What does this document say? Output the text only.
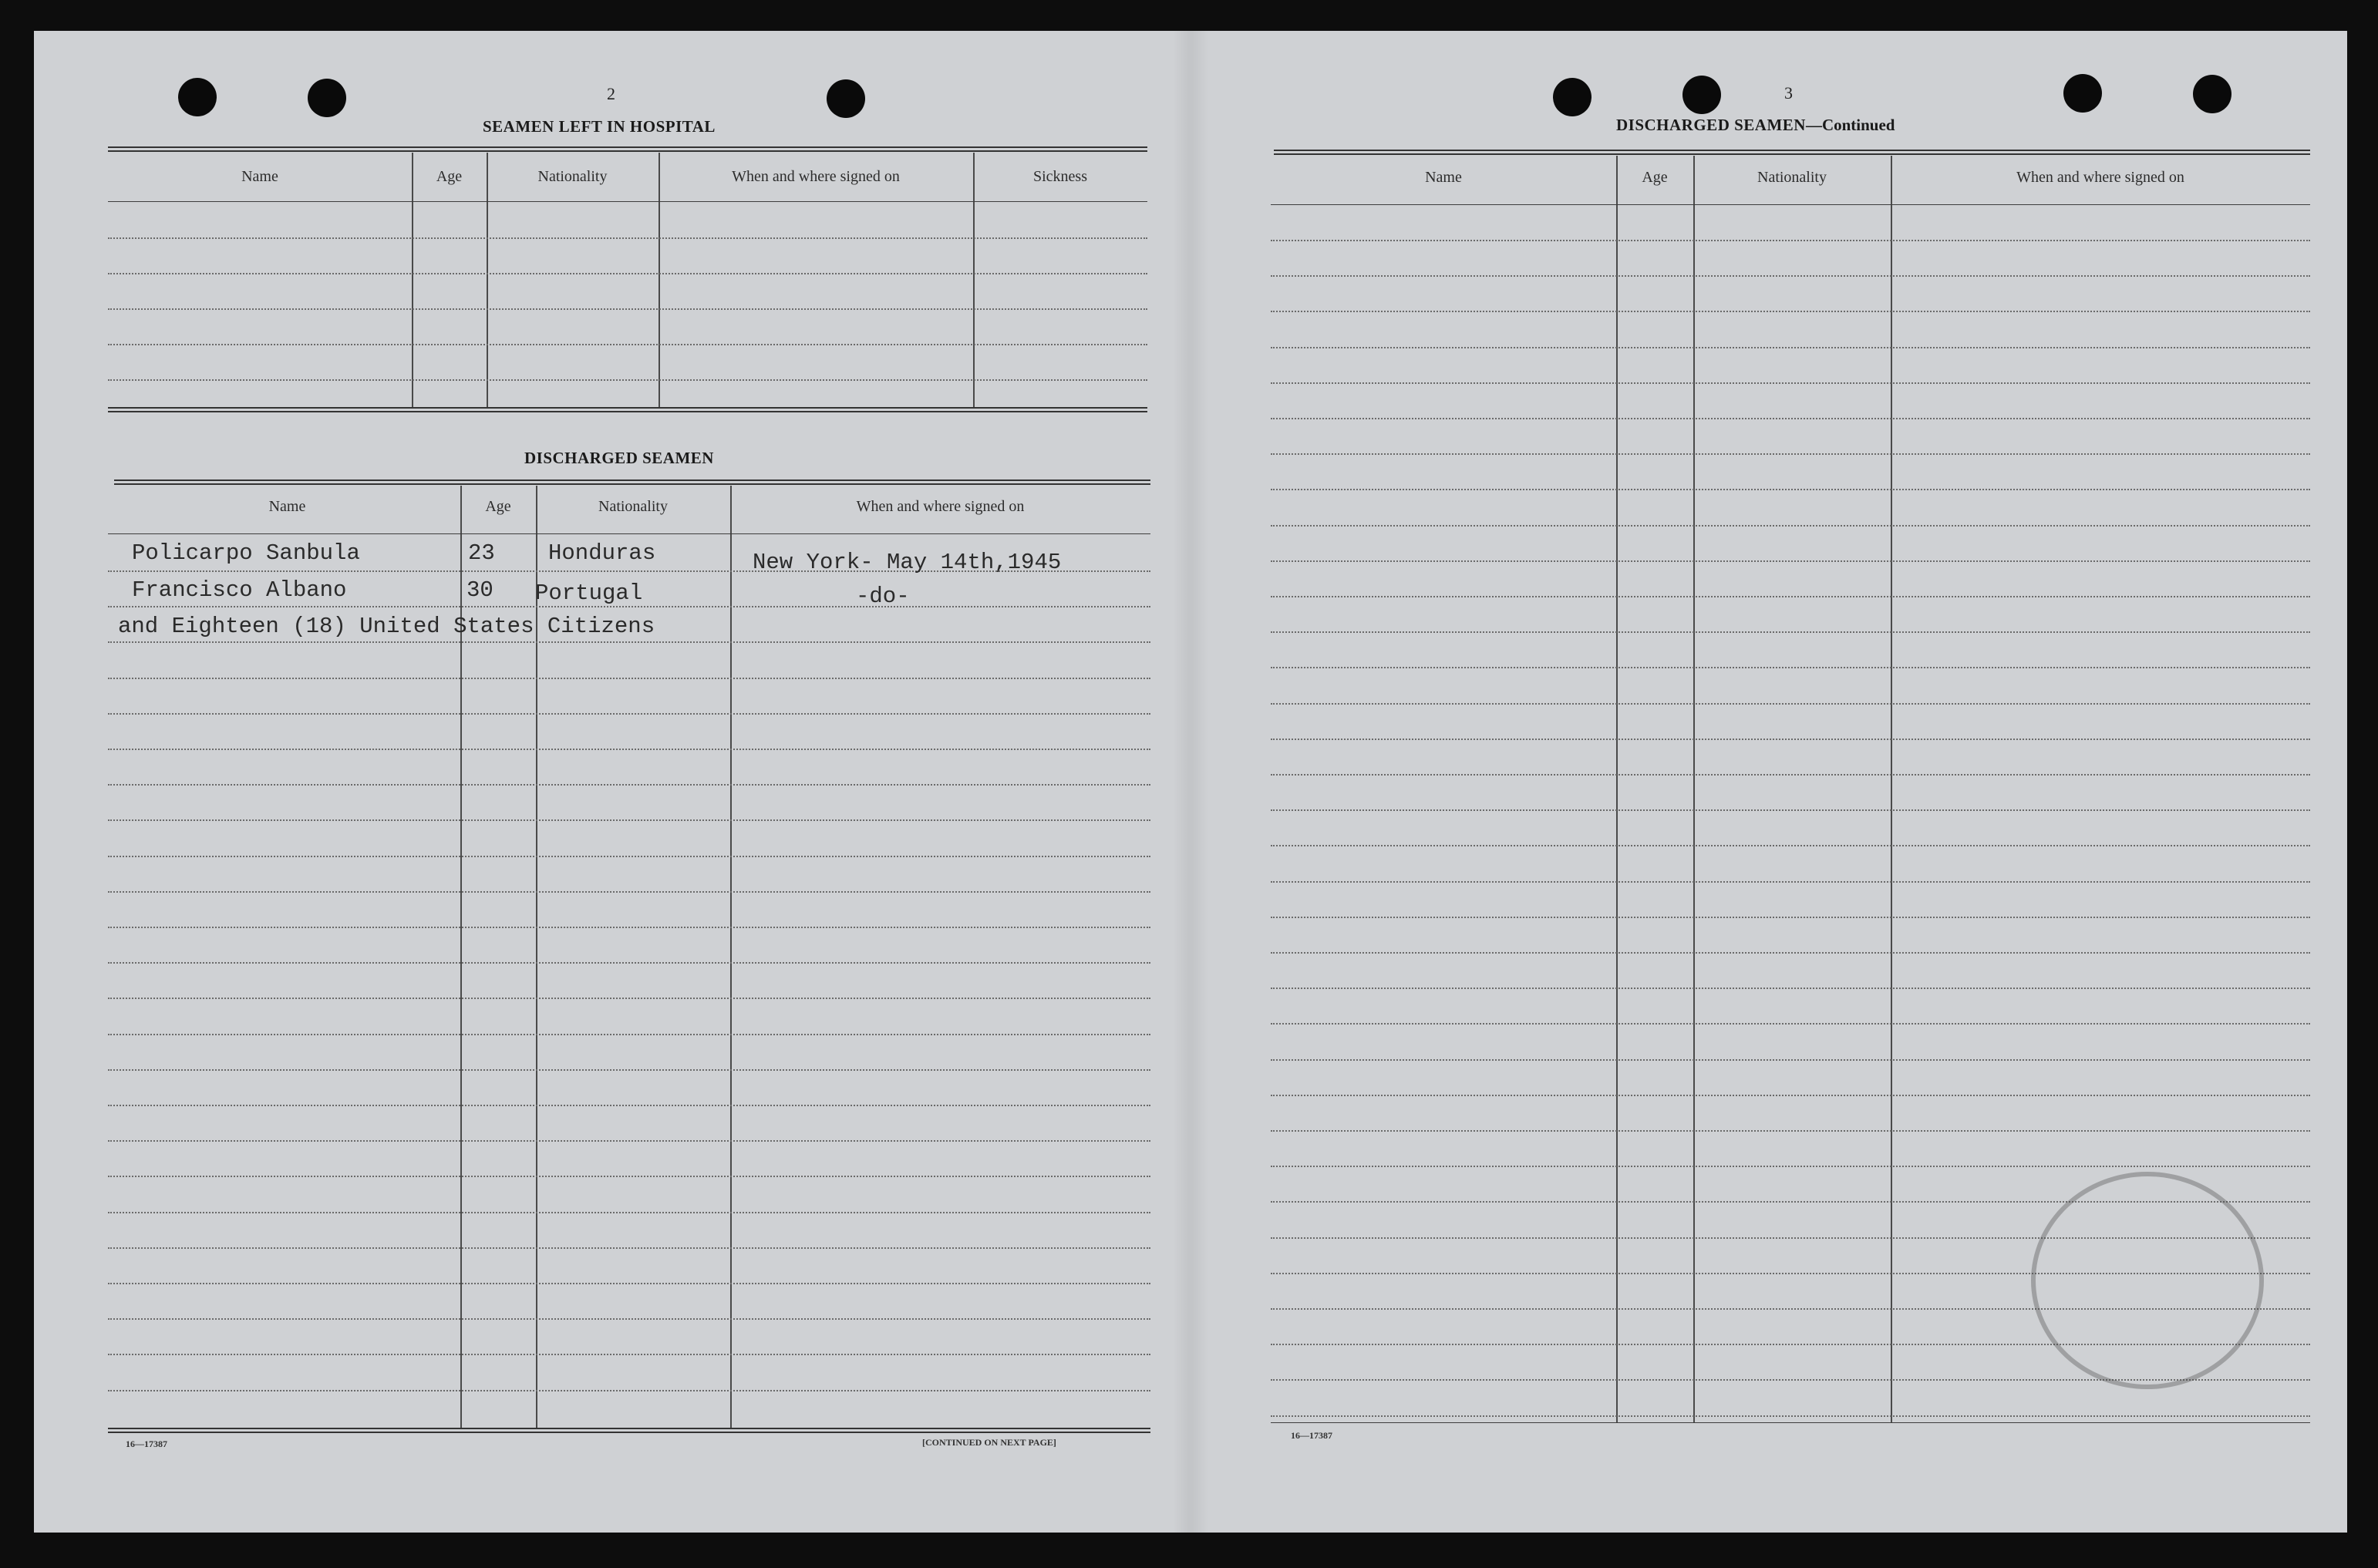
2
SEAMEN LEFT IN HOSPITAL
Name	Age	Nationality	When and where signed on	Sickness
DISCHARGED SEAMEN
Name	Age	Nationality	When and where signed on
Policarpo Sanbula	23 Honduras	New York- May 14th,1945
Francisco Albano	30 Portugal	-do-
and Eighteen (18) United States Citizens
16—17387	[CONTINUED ON NEXT PAGE]
3
DISCHARGED SEAMEN—Continued
Name	Age	Nationality	When and where signed on
16—17387
